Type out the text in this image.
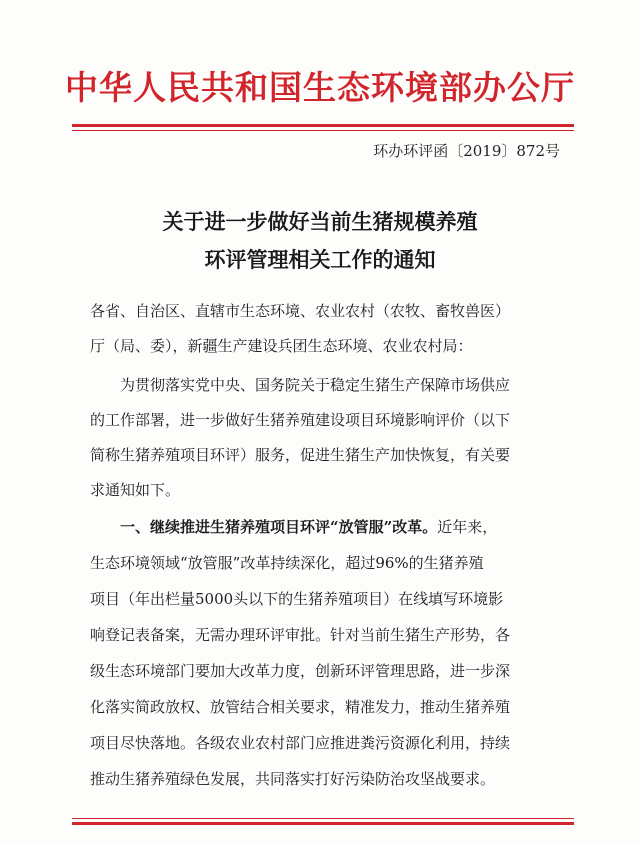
中华人民共和国生态环境部办公厅
环办环评函〔2019〕872号
关于进一步做好当前生猪规模养殖
环评管理相关工作的通知
各省、自治区、直辖市生态环境、农业农村（农牧、畜牧兽医）
厅（局、委），新疆生产建设兵团生态环境、农业农村局：
为贯彻落实党中央、国务院关于稳定生猪生产保障市场供应
的工作部署，进一步做好生猪养殖建设项目环境影响评价（以下
简称生猪养殖项目环评）服务，促进生猪生产加快恢复，有关要
求通知如下。
一、继续推进生猪养殖项目环评“放管服”改革。近年来，
生态环境领域“放管服”改革持续深化，超过96%的生猪养殖
项目（年出栏量5000头以下的生猪养殖项目）在线填写环境影
响登记表备案，无需办理环评审批。针对当前生猪生产形势，各
级生态环境部门要加大改革力度，创新环评管理思路，进一步深
化落实简政放权、放管结合相关要求，精准发力，推动生猪养殖
项目尽快落地。各级农业农村部门应推进粪污资源化利用，持续
推动生猪养殖绿色发展，共同落实打好污染防治攻坚战要求。
